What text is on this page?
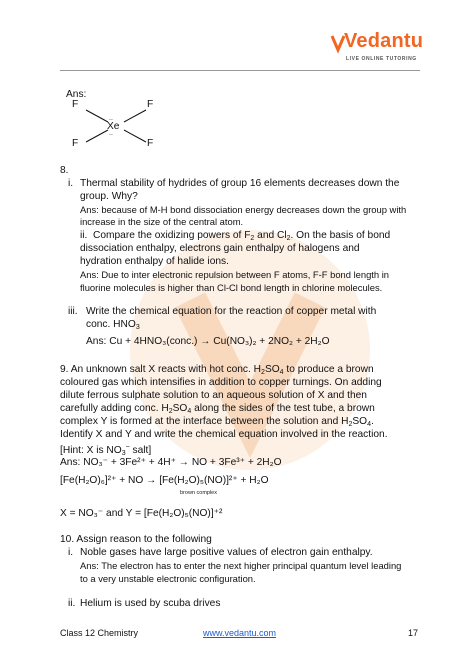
Vedantu
LIVE ONLINE TUTORING
Ans:
F	F
..
Xe
..
F	F
8.
i. Thermal stability of hydrides of group 16 elements decreases down the
group. Why?
Ans: because of M-H bond dissociation energy decreases down the group with
increase in the size of the central atom.
ii. Compare the oxidizing powers of $F_2$ and $Cl_2$. On the basis of bond
dissociation enthalpy, electrons gain enthalpy of halogens and
hydration enthalpy of halide ions.
Ans: Due to inter electronic repulsion between F atoms, F-F bond length in
fluorine molecules is higher than Cl-Cl bond length in chlorine molecules.
iii. Write the chemical equation for the reaction of copper metal with
conc. $HNO_3$
Ans: Cu + 4HNO₃(conc.) → Cu(NO₃)₂ + 2NO₂ + 2H₂O
9. An unknown salt X reacts with hot conc. $H_2SO_4$ to produce a brown
coloured gas which intensifies in addition to copper turnings. On adding
dilute ferrous sulphate solution to an aqueous solution of X and then
carefully adding conc. $H_2SO_4$ along the sides of the test tube, a brown
complex Y is formed at the interface between the solution and $H_2SO_4$.
Identify X and Y and write the chemical equation involved in the reaction.
[Hint: X is $NO_3^-$ salt]
Ans: NO₃⁻ + 3Fe²⁺ + 4H⁺ → NO + 3Fe³⁺ + 2H₂O
[Fe(H₂O)₆]²⁺ + NO → [Fe(H₂O)₅(NO)]²⁺ + H₂O
brown complex
X = NO₃⁻ and Y = [Fe(H₂O)₅(NO)]⁺²
10. Assign reason to the following
i. Noble gases have large positive values of electron gain enthalpy.
Ans: The electron has to enter the next higher principal quantum level leading
to a very unstable electronic configuration.
ii. Helium is used by scuba drives
Class 12 Chemistry	www.vedantu.com	17
